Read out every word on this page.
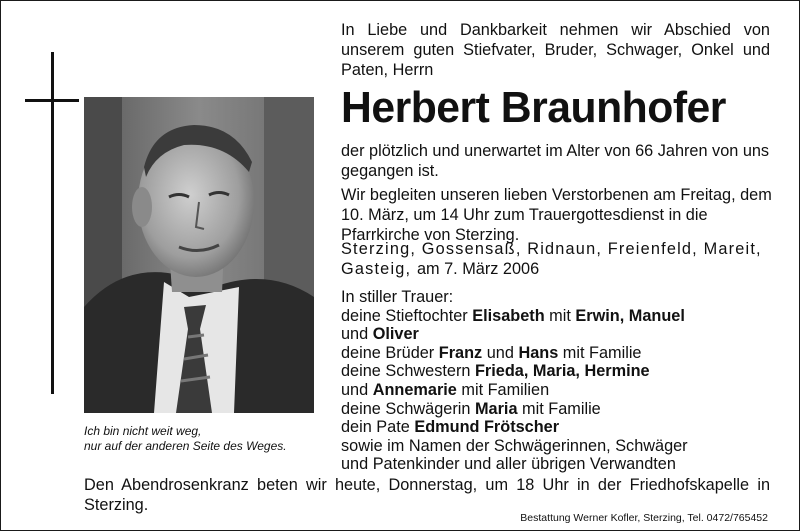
Ich bin nicht weit weg,
nur auf der anderen Seite des Weges.
In Liebe und Dankbarkeit nehmen wir Abschied von unserem guten Stiefvater, Bruder, Schwager, Onkel und Paten, Herrn
Herbert Braunhofer

der plötzlich und unerwartet im Alter von 66 Jahren von uns gegangen ist.

Wir begleiten unseren lieben Verstorbenen am Freitag, dem 10. März, um 14 Uhr zum Trauergottesdienst in die Pfarrkirche von Sterzing.

Sterzing, Gossensaß, Ridnaun, Freienfeld, Mareit, Gasteig, am 7. März 2006
In stiller Trauer:
deine Stieftochter Elisabeth mit Erwin, Manuel
und Oliver
deine Brüder Franz und Hans mit Familie
deine Schwestern Frieda, Maria, Hermine
und Annemarie mit Familien
deine Schwägerin Maria mit Familie
dein Pate Edmund Frötscher
sowie im Namen der Schwägerinnen, Schwäger
und Patenkinder und aller übrigen Verwandten
Den Abendrosenkranz beten wir heute, Donnerstag, um 18 Uhr in der Friedhofskapelle in Sterzing.
Bestattung Werner Kofler, Sterzing, Tel. 0472/765452
